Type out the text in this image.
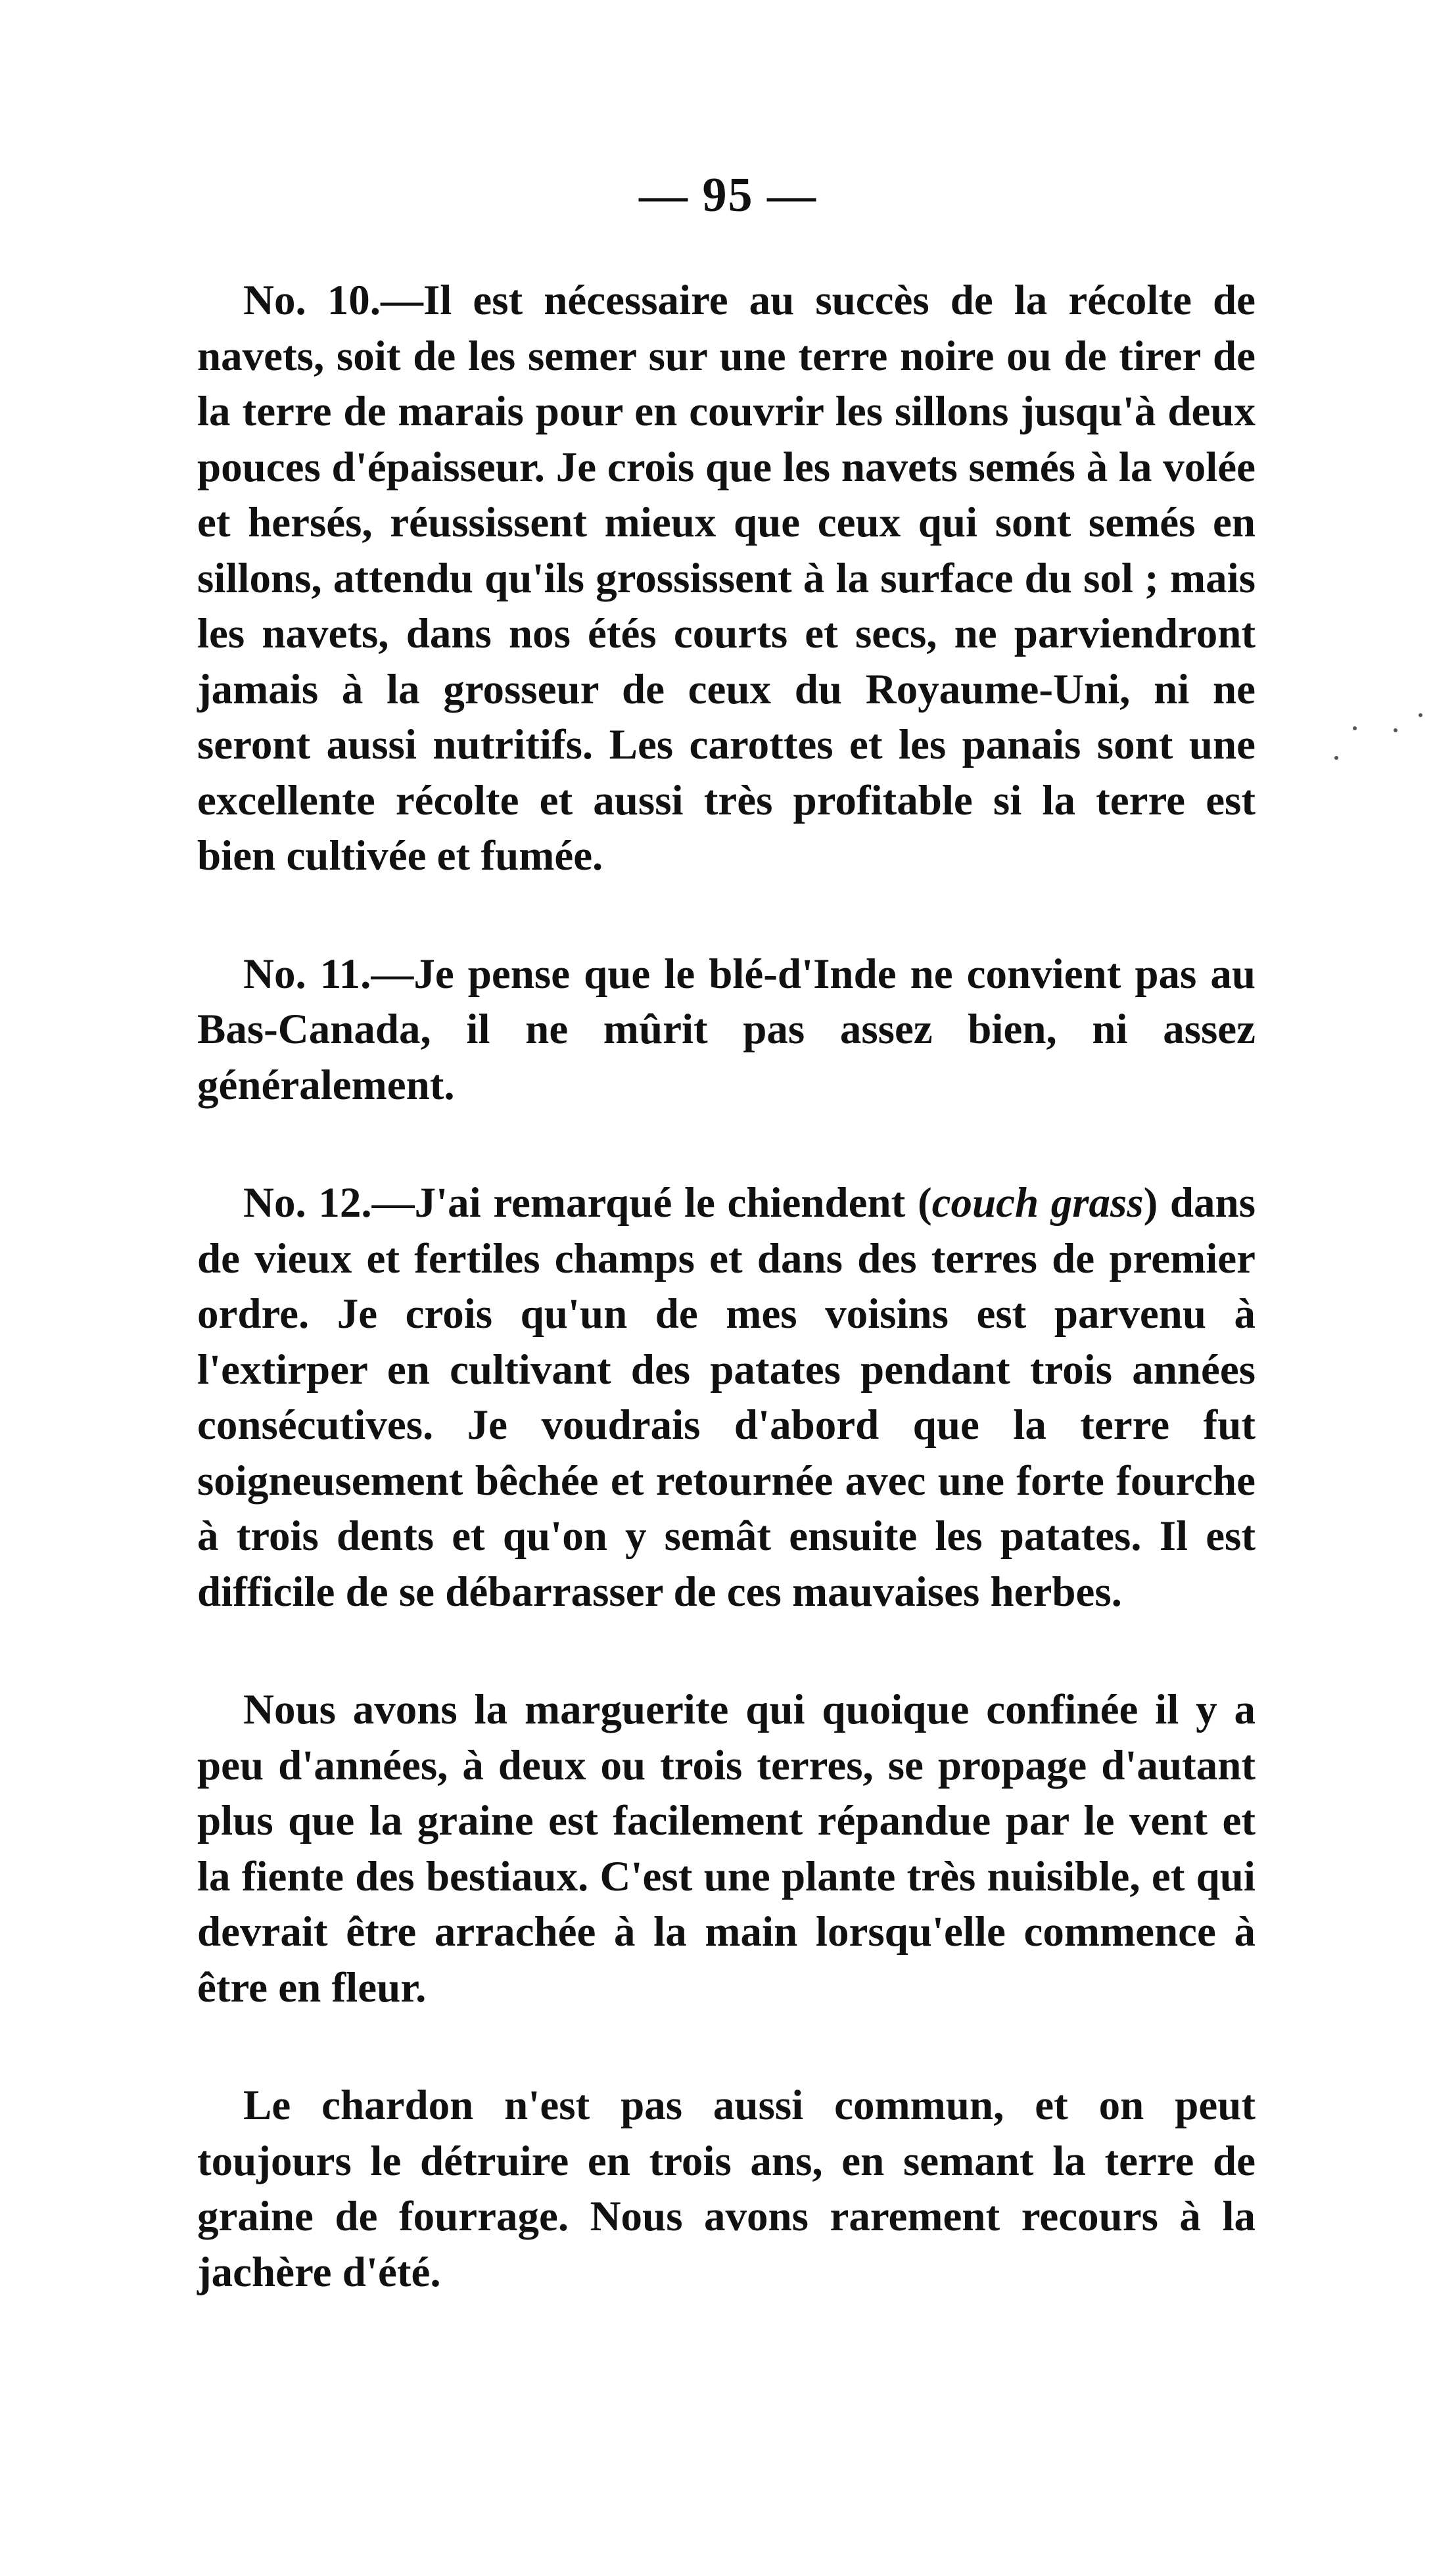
— 95 —

No. 10.—Il est nécessaire au succès de la récolte de navets, soit de les semer sur une terre noire ou de tirer de la terre de marais pour en couvrir les sillons jusqu'à deux pouces d'épaisseur. Je crois que les navets semés à la volée et hersés, réussissent mieux que ceux qui sont semés en sillons, attendu qu'ils grossissent à la surface du sol ; mais les navets, dans nos étés courts et secs, ne parviendront jamais à la grosseur de ceux du Royaume-Uni, ni ne seront aussi nutritifs. Les carottes et les panais sont une excellente récolte et aussi très profitable si la terre est bien cultivée et fumée.

No. 11.—Je pense que le blé-d'Inde ne convient pas au Bas-Canada, il ne mûrit pas assez bien, ni assez généralement.

No. 12.—J'ai remarqué le chiendent (couch grass) dans de vieux et fertiles champs et dans des terres de premier ordre. Je crois qu'un de mes voisins est parvenu à l'extirper en cultivant des patates pendant trois années consécutives. Je voudrais d'abord que la terre fut soigneusement bêchée et retournée avec une forte fourche à trois dents et qu'on y semât ensuite les patates. Il est difficile de se débarrasser de ces mauvaises herbes.

Nous avons la marguerite qui quoique confinée il y a peu d'années, à deux ou trois terres, se propage d'autant plus que la graine est facilement répandue par le vent et la fiente des bestiaux. C'est une plante très nuisible, et qui devrait être arrachée à la main lorsqu'elle commence à être en fleur.

Le chardon n'est pas aussi commun, et on peut toujours le détruire en trois ans, en semant la terre de graine de fourrage. Nous avons rarement recours à la jachère d'été.
